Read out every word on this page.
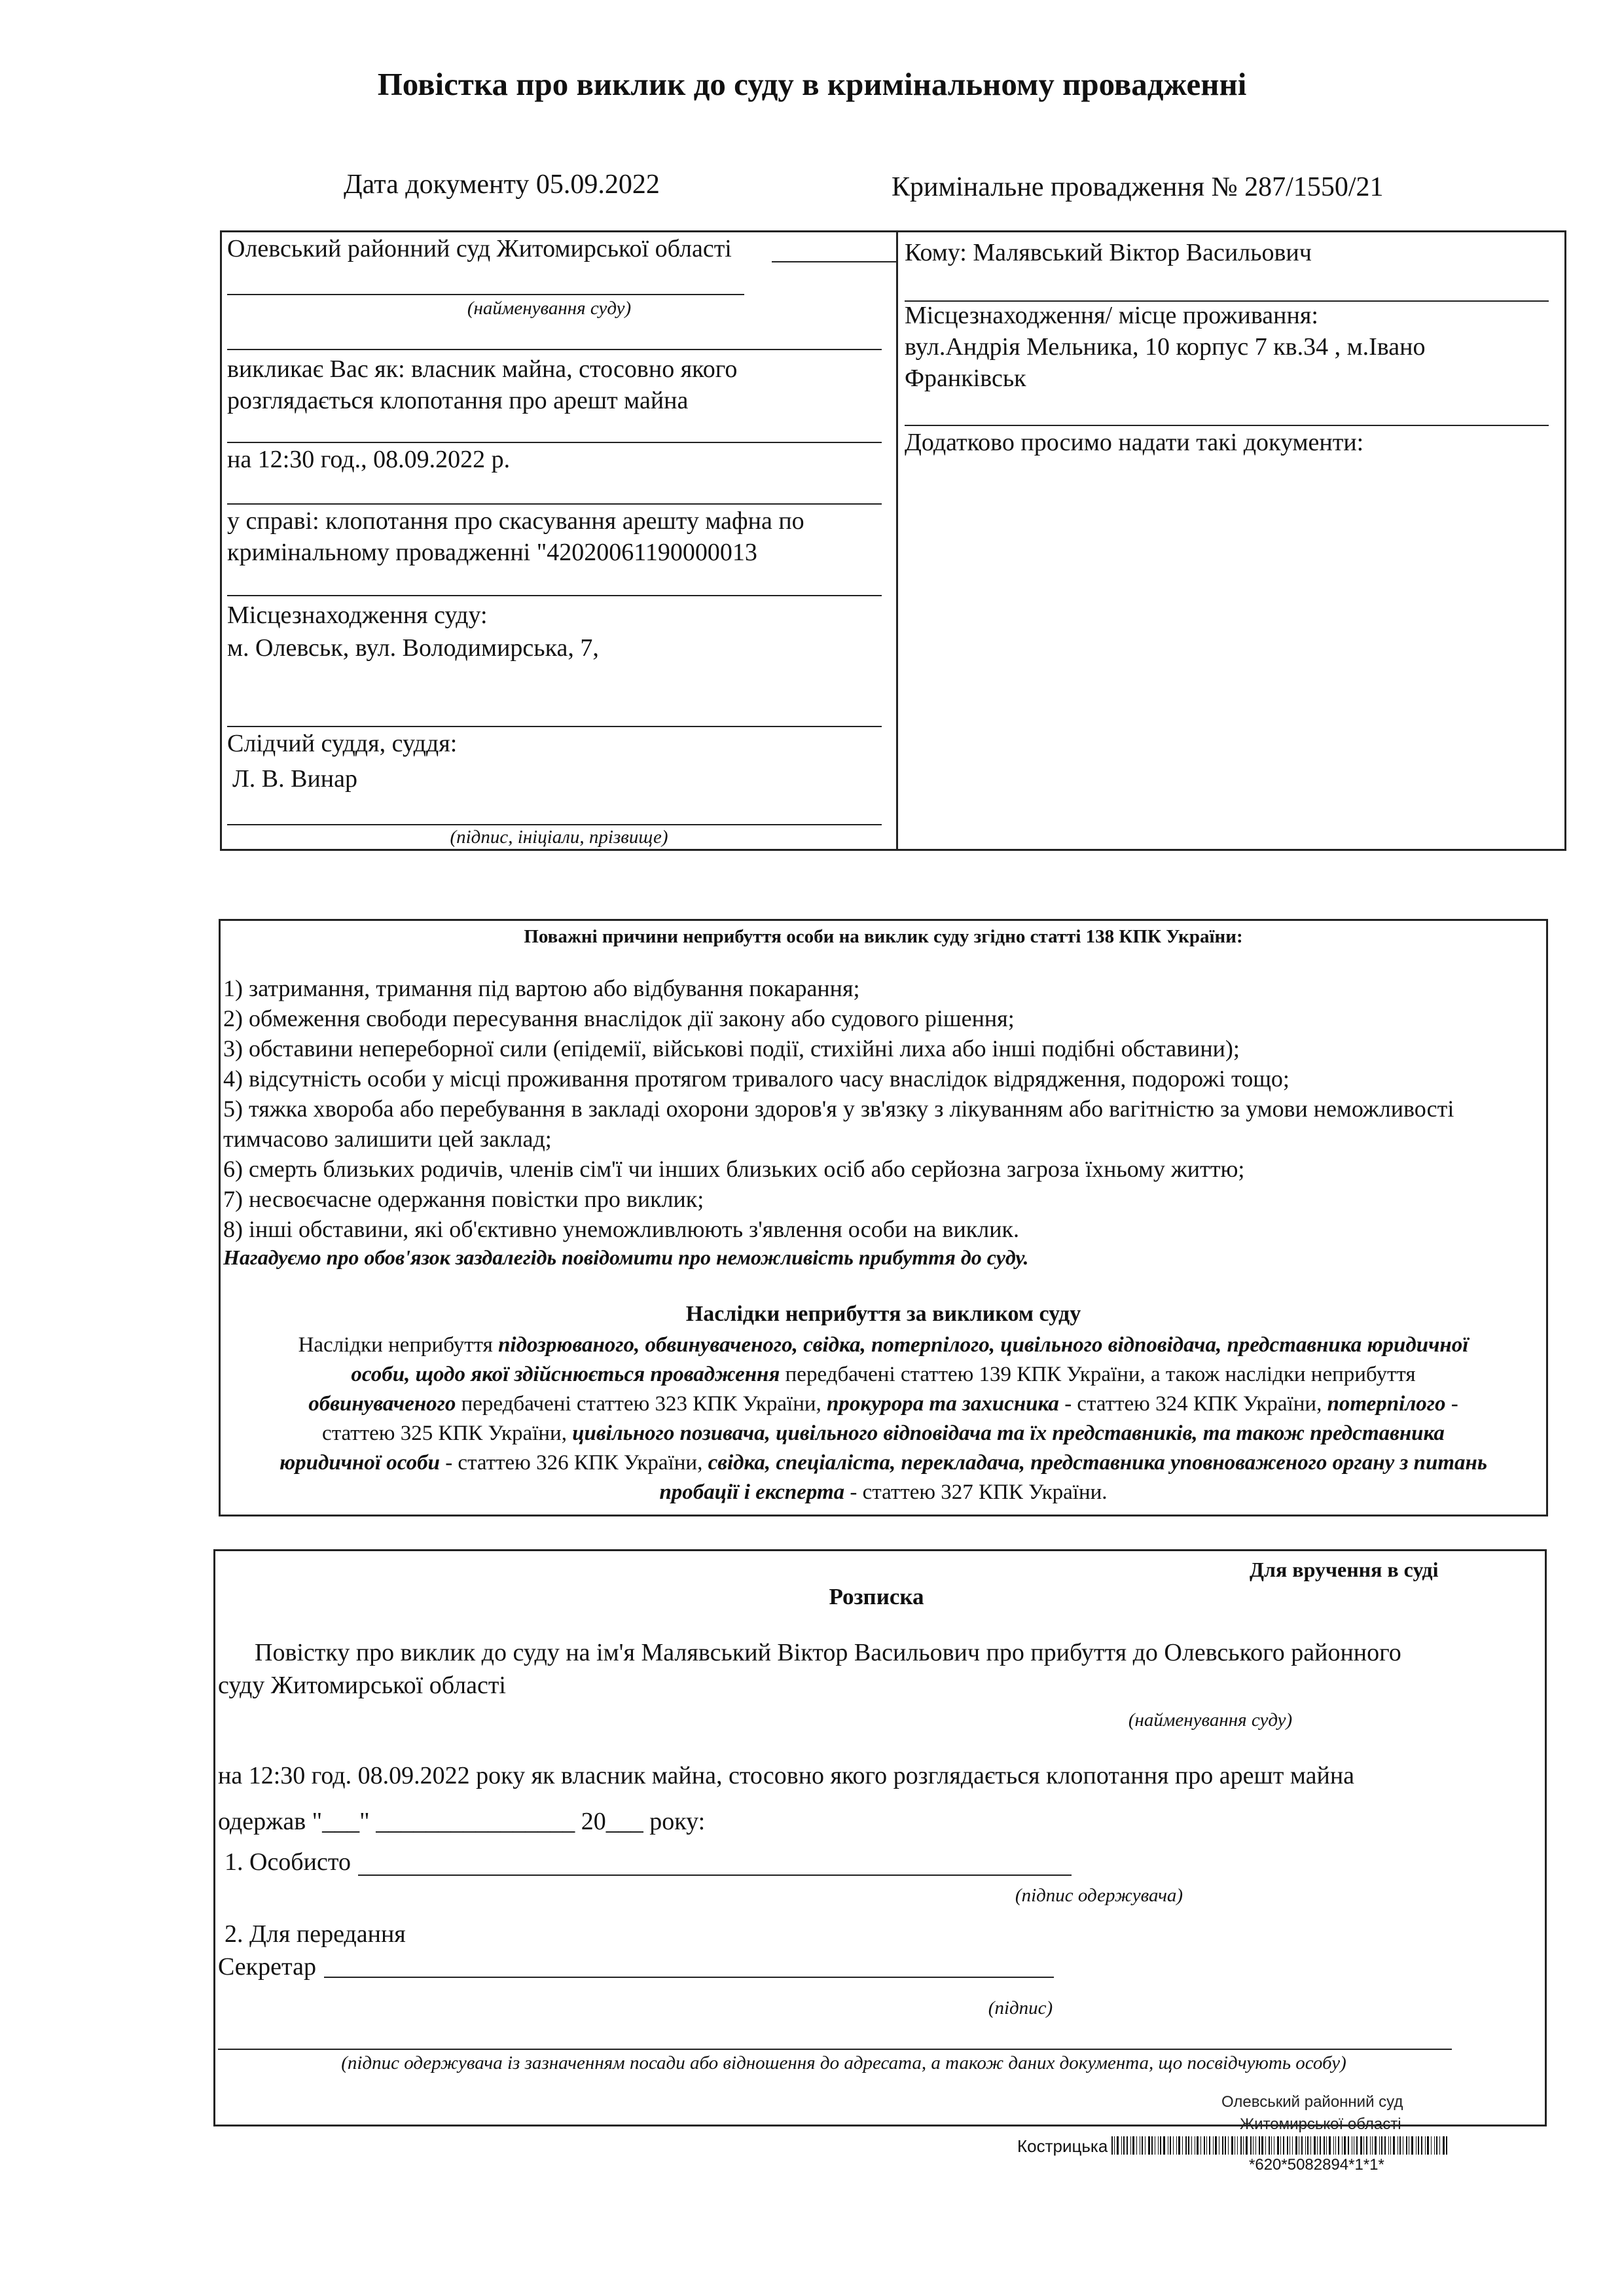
Повістка про виклик до суду в кримінальному провадженні
Дата документу 05.09.2022	Кримінальне провадження № 287/1550/21
Олевський районний суд Житомирської області
(найменування суду)
викликає Вас як: власник майна, стосовно якого
розглядається клопотання про арешт майна
на 12:30 год., 08.09.2022 р.
у справі: клопотання про скасування арешту мафна по
кримінальному провадженні "42020061190000013
Місцезнаходження суду:
м. Олевськ, вул. Володимирська, 7,
Слідчий суддя, суддя:
Л. В. Винар
(підпис, ініціали, прізвище)
Кому: Малявський Віктор Васильович
Місцезнаходження/ місце проживання:
вул.Андрія Мельника, 10 корпус 7 кв.34 , м.Івано
Франківськ
Додатково просимо надати такі документи:
Поважні причини неприбуття особи на виклик суду згідно статті 138 КПК України:
1) затримання, тримання під вартою або відбування покарання;
2) обмеження свободи пересування внаслідок дії закону або судового рішення;
3) обставини непереборної сили (епідемії, військові події, стихійні лиха або інші подібні обставини);
4) відсутність особи у місці проживання протягом тривалого часу внаслідок відрядження, подорожі тощо;
5) тяжка хвороба або перебування в закладі охорони здоров'я у зв'язку з лікуванням або вагітністю за умови неможливості
тимчасово залишити цей заклад;
6) смерть близьких родичів, членів сім'ї чи інших близьких осіб або серйозна загроза їхньому життю;
7) несвоєчасне одержання повістки про виклик;
8) інші обставини, які об'єктивно унеможливлюють з'явлення особи на виклик.
Нагадуємо про обов'язок заздалегідь повідомити про неможливість прибуття до суду.
Наслідки неприбуття за викликом суду
Наслідки неприбуття підозрюваного, обвинуваченого, свідка, потерпілого, цивільного відповідача, представника юридичної
особи, щодо якої здійснюється провадження передбачені статтею 139 КПК України, а також наслідки неприбуття
обвинуваченого передбачені статтею 323 КПК України, прокурора та захисника - статтею 324 КПК України, потерпілого -
статтею 325 КПК України, цивільного позивача, цивільного відповідача та їх представників, та також представника
юридичної особи - статтею 326 КПК України, свідка, спеціаліста, перекладача, представника уповноваженого органу з питань
пробації і експерта - статтею 327 КПК України.
Для вручення в суді
Розписка
Повістку про виклик до суду на ім'я Малявський Віктор Васильович про прибуття до Олевського районного
суду Житомирської області
(найменування суду)
на 12:30 год. 08.09.2022 року як власник майна, стосовно якого розглядається клопотання про арешт майна
одержав "___" ________________ 20___ року:
1. Особисто
(підпис одержувача)
2. Для передання
Секретар
(підпис)
(підпис одержувача із зазначенням посади або відношення до адресата, а також даних документа, що посвідчують особу)
Олевський районний суд
Житомирської області
Кострицька
*620*5082894*1*1*
